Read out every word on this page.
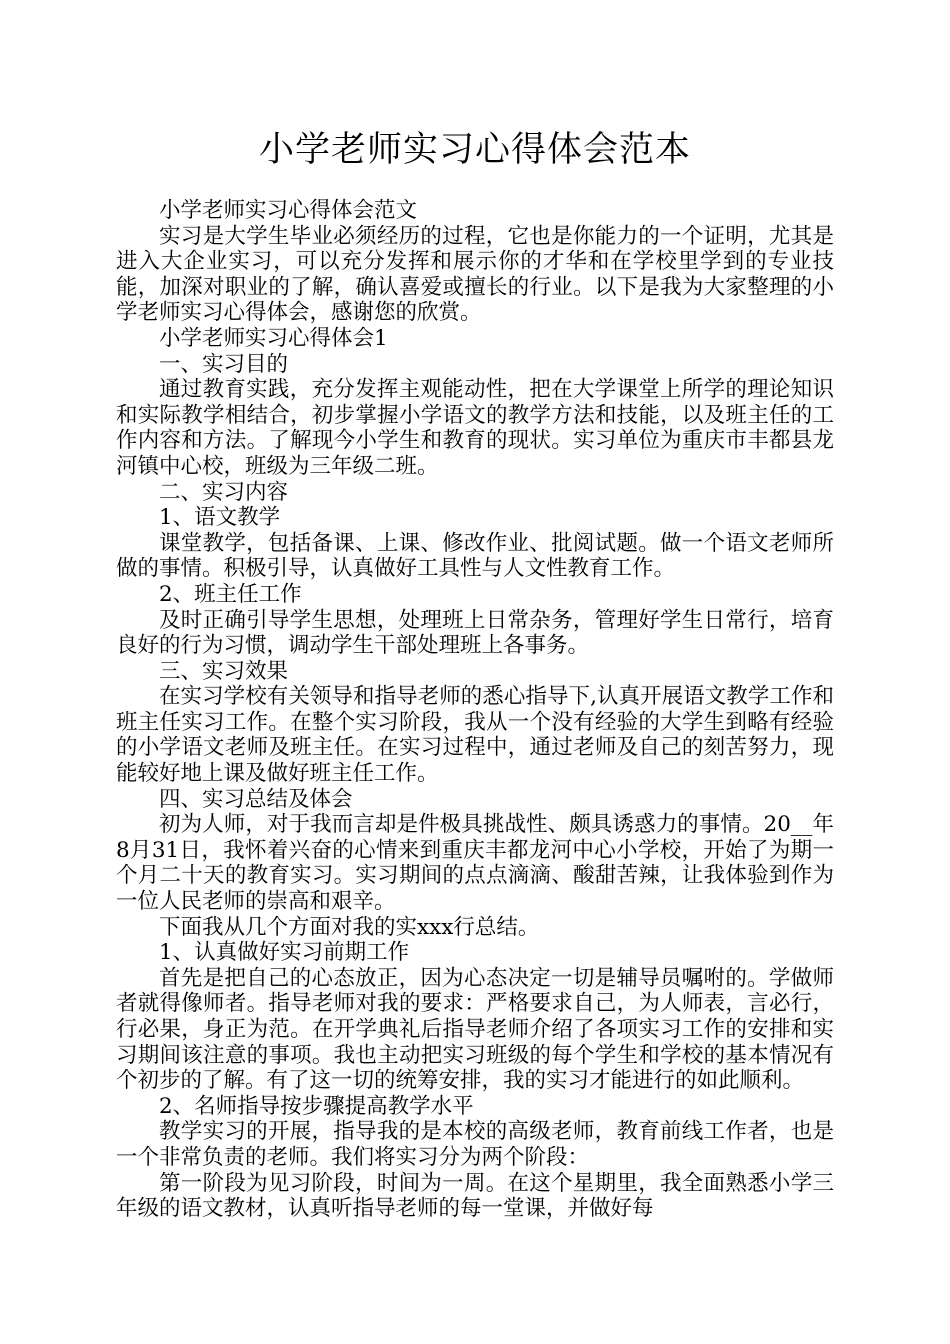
小学老师实习心得体会范本

小学老师实习心得体会范文

实习是大学生毕业必须经历的过程，它也是你能力的一个证明，尤其是进入大企业实习，可以充分发挥和展示你的才华和在学校里学到的专业技能，加深对职业的了解，确认喜爱或擅长的行业。以下是我为大家整理的小学老师实习心得体会，感谢您的欣赏。

小学老师实习心得体会1

一、实习目的

通过教育实践，充分发挥主观能动性，把在大学课堂上所学的理论知识和实际教学相结合，初步掌握小学语文的教学方法和技能，以及班主任的工作内容和方法。了解现今小学生和教育的现状。实习单位为重庆市丰都县龙河镇中心校，班级为三年级二班。

二、实习内容

1、语文教学

课堂教学，包括备课、上课、修改作业、批阅试题。做一个语文老师所做的事情。积极引导，认真做好工具性与人文性教育工作。

2、班主任工作

及时正确引导学生思想，处理班上日常杂务，管理好学生日常行，培育良好的行为习惯，调动学生干部处理班上各事务。

三、实习效果

在实习学校有关领导和指导老师的悉心指导下,认真开展语文教学工作和班主任实习工作。在整个实习阶段，我从一个没有经验的大学生到略有经验的小学语文老师及班主任。在实习过程中，通过老师及自己的刻苦努力，现能较好地上课及做好班主任工作。

四、实习总结及体会

初为人师，对于我而言却是件极具挑战性、颇具诱惑力的事情。20__年8月31日，我怀着兴奋的心情来到重庆丰都龙河中心小学校，开始了为期一个月二十天的教育实习。实习期间的点点滴滴、酸甜苦辣，让我体验到作为一位人民老师的崇高和艰辛。

下面我从几个方面对我的实xxx行总结。

1、认真做好实习前期工作

首先是把自己的心态放正，因为心态决定一切是辅导员嘱咐的。学做师者就得像师者。指导老师对我的要求：严格要求自己，为人师表，言必行，行必果，身正为范。在开学典礼后指导老师介绍了各项实习工作的安排和实习期间该注意的事项。我也主动把实习班级的每个学生和学校的基本情况有个初步的了解。有了这一切的统筹安排，我的实习才能进行的如此顺利。

2、名师指导按步骤提高教学水平

教学实习的开展，指导我的是本校的高级老师，教育前线工作者，也是一个非常负责的老师。我们将实习分为两个阶段：

第一阶段为见习阶段，时间为一周。在这个星期里，我全面熟悉小学三年级的语文教材，认真听指导老师的每一堂课，并做好每
